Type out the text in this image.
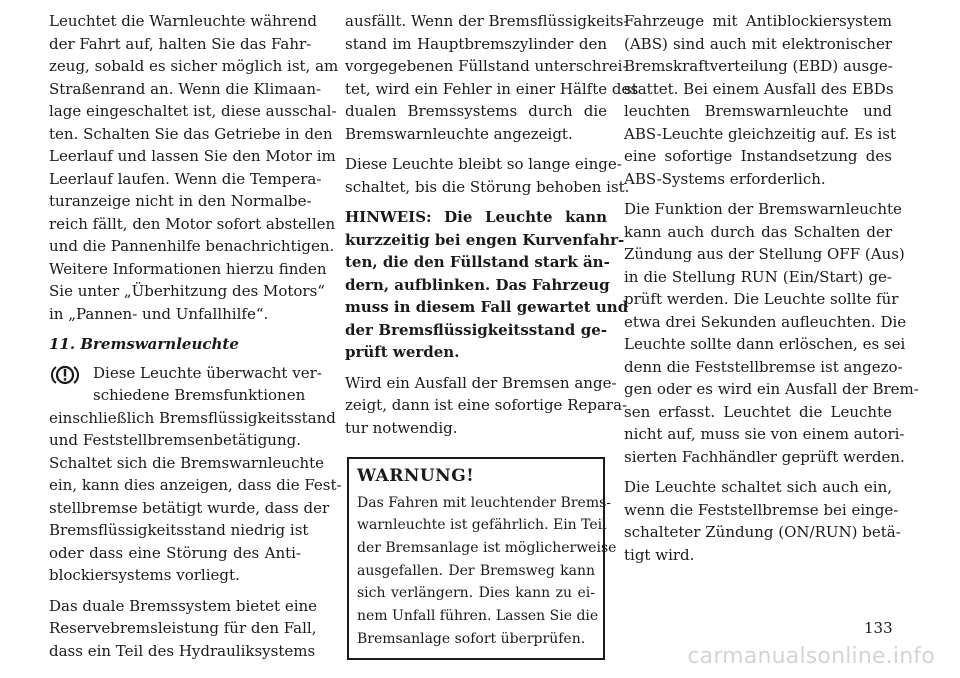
Leuchtet die Warnleuchte während
der Fahrt auf, halten Sie das Fahr-
zeug, sobald es sicher möglich ist, am
Straßenrand an. Wenn die Klimaan-
lage eingeschaltet ist, diese ausschal-
ten. Schalten Sie das Getriebe in den
Leerlauf und lassen Sie den Motor im
Leerlauf laufen. Wenn die Tempera-
turanzeige nicht in den Normalbe-
reich fällt, den Motor sofort abstellen
und die Pannenhilfe benachrichtigen.
Weitere Informationen hierzu finden
Sie unter „Überhitzung des Motors“
in „Pannen- und Unfallhilfe“.

11. Bremswarnleuchte

Diese Leuchte überwacht ver-
schiedene Bremsfunktionen

einschließlich Bremsflüssigkeitsstand
und Feststellbremsenbetätigung.
Schaltet sich die Bremswarnleuchte
ein, kann dies anzeigen, dass die Fest-
stellbremse betätigt wurde, dass der
Bremsflüssigkeitsstand niedrig ist
oder dass eine Störung des Anti-
blockiersystems vorliegt.

Das duale Bremssystem bietet eine
Reservebremsleistung für den Fall,
dass ein Teil des Hydrauliksystems

ausfällt. Wenn der Bremsflüssigkeits-
stand im Hauptbremszylinder den
vorgegebenen Füllstand unterschrei-
tet, wird ein Fehler in einer Hälfte des
dualen Bremssystems durch die
Bremswarnleuchte angezeigt.

Diese Leuchte bleibt so lange einge-
schaltet, bis die Störung behoben ist.

HINWEIS: Die Leuchte kann
kurzzeitig bei engen Kurvenfahr-
ten, die den Füllstand stark än-
dern, aufblinken. Das Fahrzeug
muss in diesem Fall gewartet und
der Bremsflüssigkeitsstand ge-
prüft werden.

Wird ein Ausfall der Bremsen ange-
zeigt, dann ist eine sofortige Repara-
tur notwendig.

WARNUNG!
Das Fahren mit leuchtender Brems-
warnleuchte ist gefährlich. Ein Teil
der Bremsanlage ist möglicherweise
ausgefallen. Der Bremsweg kann
sich verlängern. Dies kann zu ei-
nem Unfall führen. Lassen Sie die
Bremsanlage sofort überprüfen.

Fahrzeuge mit Antiblockiersystem
(ABS) sind auch mit elektronischer
Bremskraftverteilung (EBD) ausge-
stattet. Bei einem Ausfall des EBDs
leuchten Bremswarnleuchte und
ABS-Leuchte gleichzeitig auf. Es ist
eine sofortige Instandsetzung des
ABS-Systems erforderlich.

Die Funktion der Bremswarnleuchte
kann auch durch das Schalten der
Zündung aus der Stellung OFF (Aus)
in die Stellung RUN (Ein/Start) ge-
prüft werden. Die Leuchte sollte für
etwa drei Sekunden aufleuchten. Die
Leuchte sollte dann erlöschen, es sei
denn die Feststellbremse ist angezo-
gen oder es wird ein Ausfall der Brem-
sen erfasst. Leuchtet die Leuchte
nicht auf, muss sie von einem autori-
sierten Fachhändler geprüft werden.

Die Leuchte schaltet sich auch ein,
wenn die Feststellbremse bei einge-
schalteter Zündung (ON/RUN) betä-
tigt wird.

133
carmanualsonline.info
